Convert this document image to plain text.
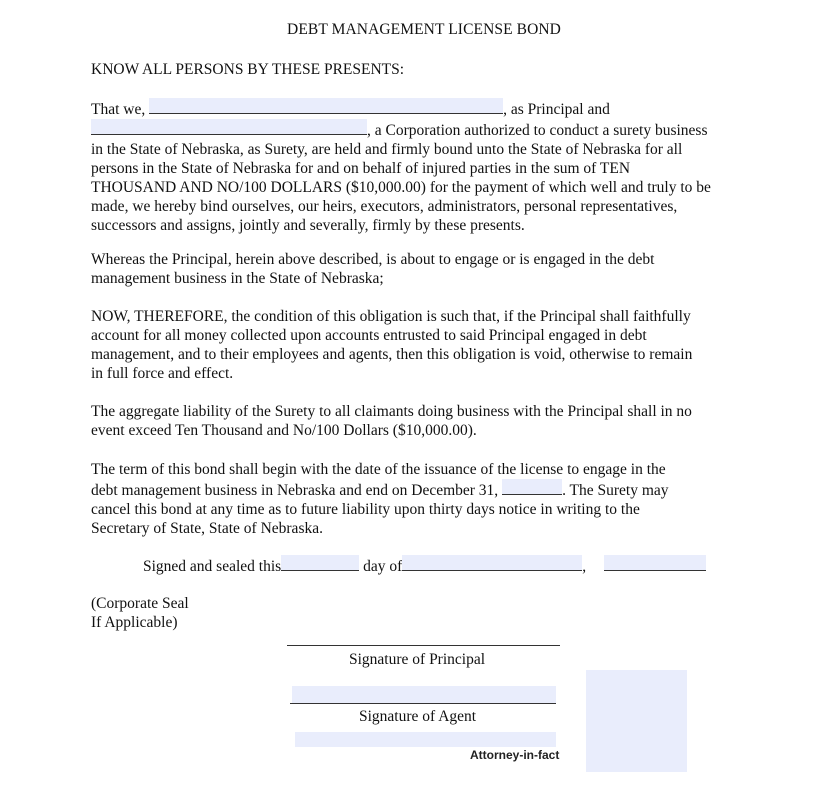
DEBT MANAGEMENT LICENSE BOND
KNOW ALL PERSONS BY THESE PRESENTS:
That we,	, as Principal and
, a Corporation authorized to conduct a surety business
in the State of Nebraska, as Surety, are held and firmly bound unto the State of Nebraska for all
persons in the State of Nebraska for and on behalf of injured parties in the sum of TEN
THOUSAND AND NO/100 DOLLARS ($10,000.00) for the payment of which well and truly to be
made, we hereby bind ourselves, our heirs, executors, administrators, personal representatives,
successors and assigns, jointly and severally, firmly by these presents.
Whereas the Principal, herein above described, is about to engage or is engaged in the debt
management business in the State of Nebraska;
NOW, THEREFORE, the condition of this obligation is such that, if the Principal shall faithfully
account for all money collected upon accounts entrusted to said Principal engaged in debt
management, and to their employees and agents, then this obligation is void, otherwise to remain
in full force and effect.
The aggregate liability of the Surety to all claimants doing business with the Principal shall in no
event exceed Ten Thousand and No/100 Dollars ($10,000.00).
The term of this bond shall begin with the date of the issuance of the license to engage in the
debt management business in Nebraska and end on December 31,	. The Surety may
cancel this bond at any time as to future liability upon thirty days notice in writing to the
Secretary of State, State of Nebraska.
Signed and sealed this	day of	,
(Corporate Seal
If Applicable)
Signature of Principal
Signature of Agent
Attorney-in-fact
